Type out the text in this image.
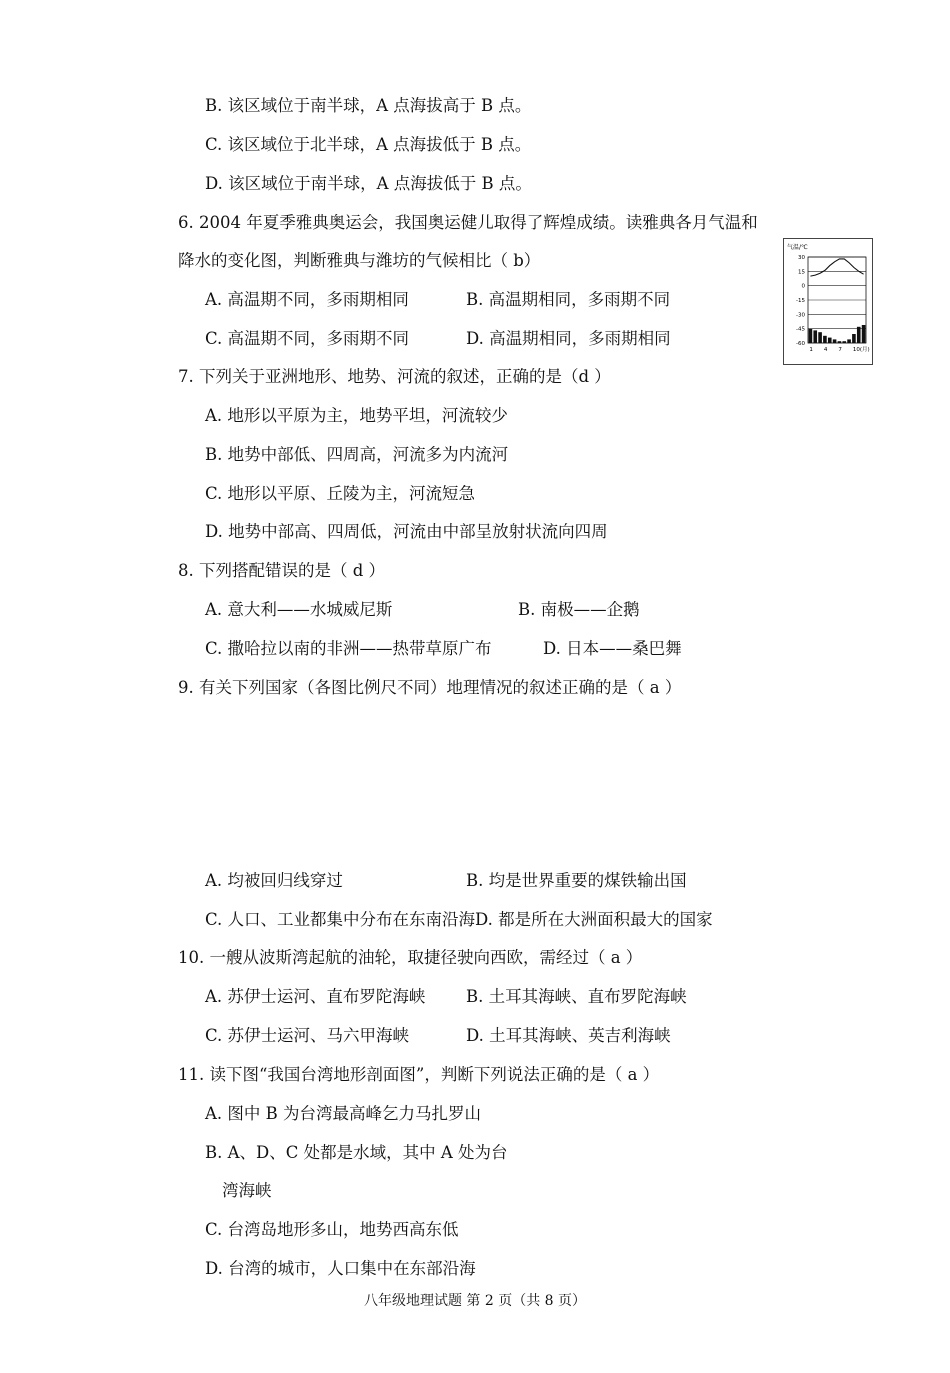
B. 该区域位于南半球，A 点海拔高于 B 点。
C. 该区域位于北半球，A 点海拔低于 B 点。
D. 该区域位于南半球，A 点海拔低于 B 点。
6. 2004 年夏季雅典奥运会，我国奥运健儿取得了辉煌成绩。读雅典各月气温和
降水的变化图，判断雅典与潍坊的气候相比（ b）
A. 高温期不同，多雨期相同	B. 高温期相同，多雨期不同
C. 高温期不同，多雨期不同	D. 高温期相同，多雨期相同
气温/℃
30
15
0
-15
-30
-45
-60
1 4 7 10(月)
7. 下列关于亚洲地形、地势、河流的叙述，正确的是（d ）
A. 地形以平原为主，地势平坦，河流较少
B. 地势中部低、四周高，河流多为内流河
C. 地形以平原、丘陵为主，河流短急
D. 地势中部高、四周低，河流由中部呈放射状流向四周
8. 下列搭配错误的是（ d ）
A. 意大利——水城威尼斯	B. 南极——企鹅
C. 撒哈拉以南的非洲——热带草原广布	D. 日本——桑巴舞
9. 有关下列国家（各图比例尺不同）地理情况的叙述正确的是（ a ）
A. 均被回归线穿过	B. 均是世界重要的煤铁输出国
C. 人口、工业都集中分布在东南沿海D. 都是所在大洲面积最大的国家
10. 一艘从波斯湾起航的油轮，取捷径驶向西欧，需经过（ a ）
A. 苏伊士运河、直布罗陀海峡 B. 土耳其海峡、直布罗陀海峡
C. 苏伊士运河、马六甲海峡	D. 土耳其海峡、英吉利海峡
11. 读下图“我国台湾地形剖面图”，判断下列说法正确的是（ a ）
A. 图中 B 为台湾最高峰乞力马扎罗山
B. A、D、C 处都是水域，其中 A 处为台
湾海峡
C. 台湾岛地形多山，地势西高东低
D. 台湾的城市，人口集中在东部沿海
八年级地理试题 第 2 页（共 8 页）
